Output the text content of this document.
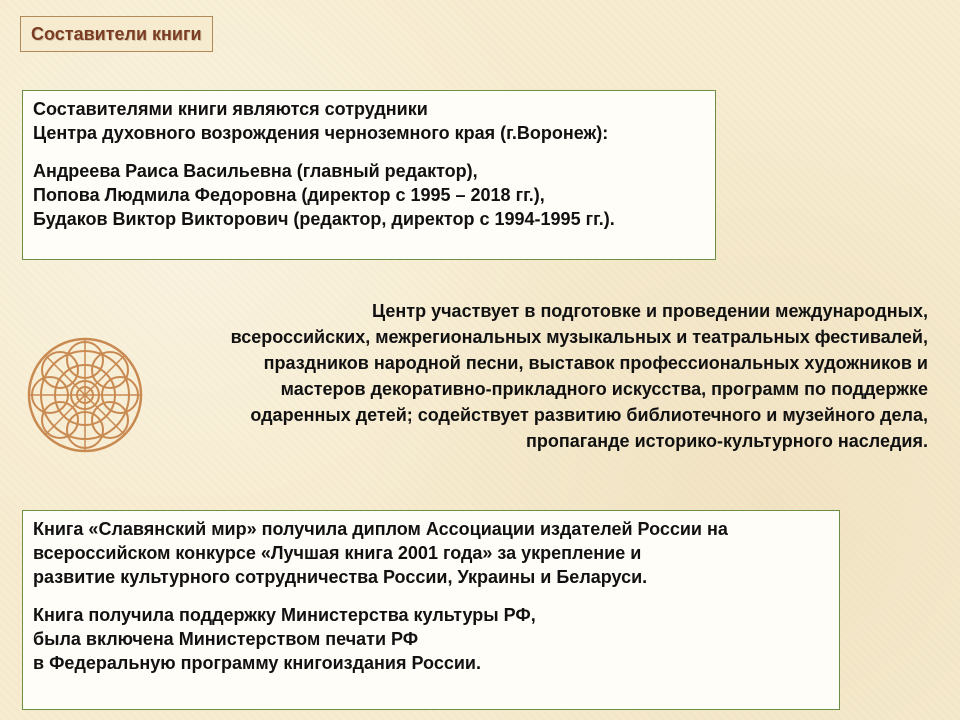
Составители книги

Составителями книги являются сотрудники

Центра духовного возрождения черноземного края (г.Воронеж):

Андреева Раиса Васильевна (главный редактор),

Попова Людмила Федоровна (директор с 1995 – 2018 гг.),

Будаков Виктор Викторович (редактор, директор с 1994-1995 гг.).

Центр участвует в подготовке и проведении международных,

всероссийских, межрегиональных музыкальных и театральных фестивалей,

праздников народной песни, выставок профессиональных художников и

мастеров декоративно-прикладного искусства, программ по поддержке

одаренных детей; содействует развитию библиотечного и музейного дела,

пропаганде историко-культурного наследия.

Книга «Славянский мир» получила диплом Ассоциации издателей России на

всероссийском конкурсе «Лучшая книга 2001 года» за укрепление и

развитие культурного сотрудничества России, Украины и Беларуси.

Книга получила поддержку Министерства культуры РФ,

была включена Министерством печати РФ

в Федеральную программу книгоиздания России.
